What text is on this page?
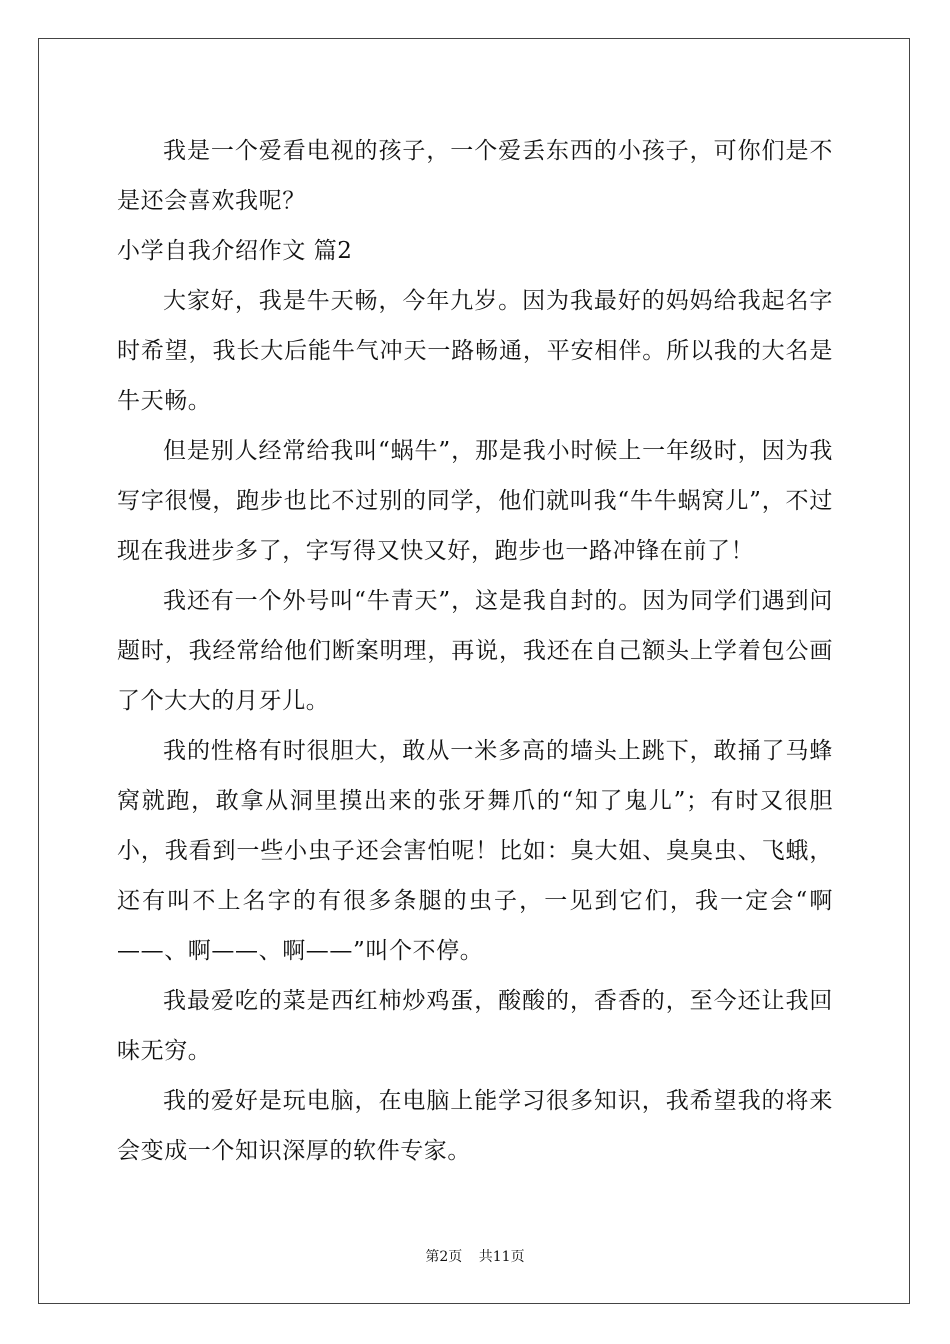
我是一个爱看电视的孩子，一个爱丢东西的小孩子，可你们是不是还会喜欢我呢？

小学自我介绍作文 篇2

大家好，我是牛天畅，今年九岁。因为我最好的妈妈给我起名字时希望，我长大后能牛气冲天一路畅通，平安相伴。所以我的大名是牛天畅。

但是别人经常给我叫“蜗牛”，那是我小时候上一年级时，因为我写字很慢，跑步也比不过别的同学，他们就叫我“牛牛蜗窝儿”，不过现在我进步多了，字写得又快又好，跑步也一路冲锋在前了！

我还有一个外号叫“牛青天”，这是我自封的。因为同学们遇到问题时，我经常给他们断案明理，再说，我还在自己额头上学着包公画了个大大的月牙儿。

我的性格有时很胆大，敢从一米多高的墙头上跳下，敢捅了马蜂窝就跑，敢拿从洞里摸出来的张牙舞爪的“知了鬼儿”；有时又很胆小，我看到一些小虫子还会害怕呢！比如：臭大姐、臭臭虫、飞蛾，还有叫不上名字的有很多条腿的虫子，一见到它们，我一定会“啊——、啊——、啊——”叫个不停。

我最爱吃的菜是西红柿炒鸡蛋，酸酸的，香香的，至今还让我回味无穷。

我的爱好是玩电脑，在电脑上能学习很多知识，我希望我的将来会变成一个知识深厚的软件专家。

第2页 共11页
